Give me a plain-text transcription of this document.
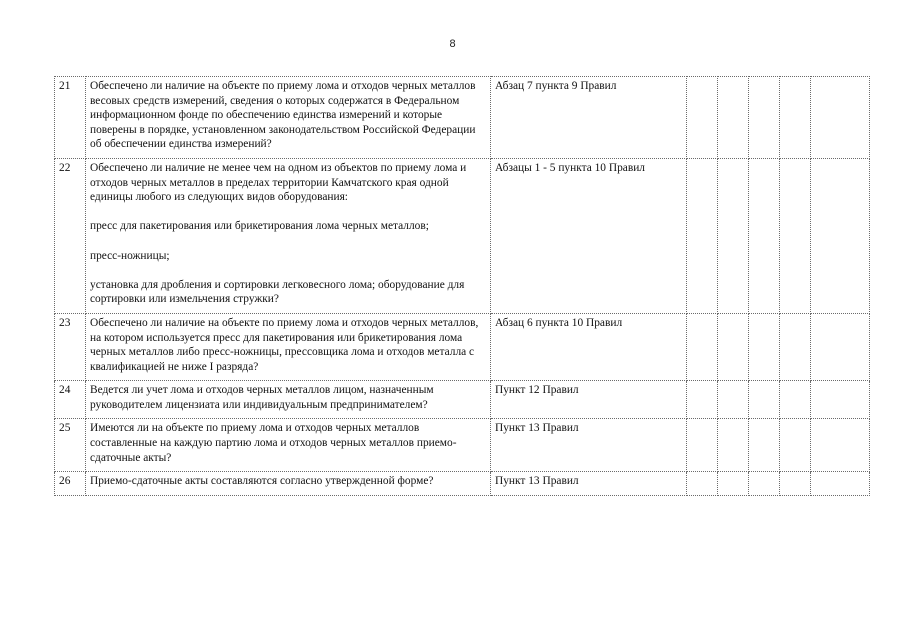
8
21	Обеспечено ли наличие на объекте по приему лома и отходов черных металлов весовых средств измерений, сведения о которых содержатся в Федеральном информационном фонде по обеспечению единства измерений и которые поверены в порядке, установленном законодательством Российской Федерации об обеспечении единства измерений?	Абзац 7 пункта 9 Правил					
22	Обеспечено ли наличие не менее чем на одном из объектов по приему лома и отходов черных металлов в пределах территории Камчатского края одной единицы любого из следующих видов оборудования:

пресс для пакетирования или брикетирования лома черных металлов;

пресс-ножницы;

установка для дробления и сортировки легковесного лома; оборудование для сортировки или измельчения стружки?	Абзацы 1 - 5 пункта 10 Правил					
23	Обеспечено ли наличие на объекте по приему лома и отходов черных металлов, на котором используется пресс для пакетирования или брикетирования лома черных металлов либо пресс-ножницы, прессовщика лома и отходов металла с квалификацией не ниже I разряда?	Абзац 6 пункта 10 Правил					
24	Ведется ли учет лома и отходов черных металлов лицом, назначенным руководителем лицензиата или индивидуальным предпринимателем?	Пункт 12 Правил					
25	Имеются ли на объекте по приему лома и отходов черных металлов составленные на каждую партию лома и отходов черных металлов приемо-сдаточные акты?	Пункт 13 Правил					
26	Приемо-сдаточные акты составляются согласно утвержденной форме?	Пункт 13 Правил					
